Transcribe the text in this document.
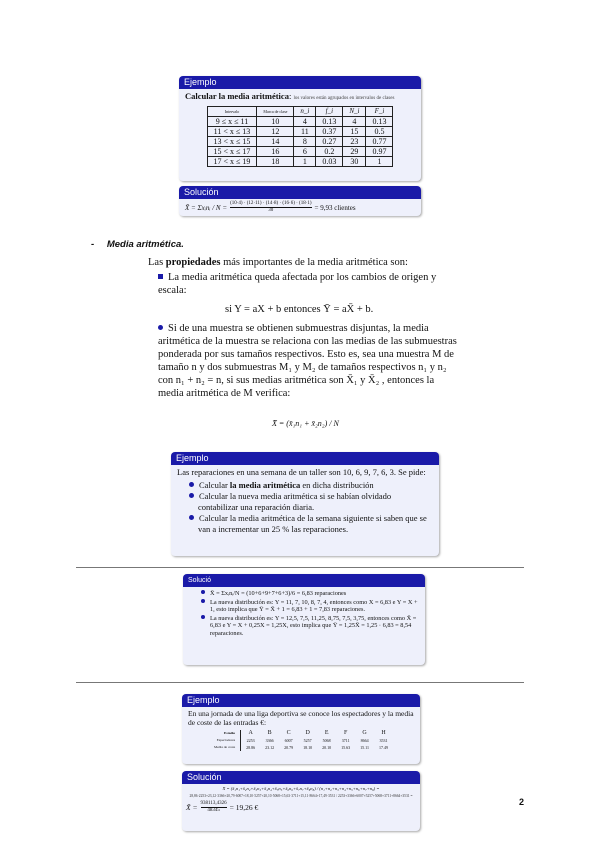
Ejemplo
Calcular la media aritmética: los valores están agrupados en intervalos de clases
Intervalo	Marca de clase	n_i	f_i	N_i	F_i
9 ≤ x ≤ 11	10	4	0.13	4	0.13
11 < x ≤ 13	12	11	0.37	15	0.5
13 < x ≤ 15	14	8	0.27	23	0.77
15 < x ≤ 17	16	6	0.2	29	0.97
17 < x ≤ 19	18	1	0.03	30	1
Solución
X̄ = Σxᵢnᵢ / $N = \frac{(10\cdot 4) \cdot (12\cdot 11) \cdot (14\cdot 8) \cdot (16\cdot 6) \cdot (18\cdot 1)}{30} = 9,93$ clientes
- Media aritmética.
Las propiedades más importantes de la media aritmética son:
La media aritmética queda afectada por los cambios de origen y escala:
si Y = aX + b entonces Ȳ = aX̄ + b.
Si de una muestra se obtienen submuestras disjuntas, la media aritmética de la muestra se relaciona con las medias de las submuestras ponderada por sus tamaños respectivos. Esto es, sea una muestra M de tamaño n y dos submuestras M₁ y M₂ de tamaños respectivos n₁ y n₂ con n₁ + n₂ = n, si sus medias aritmética son X̄₁ y X̄₂ , entonces la media aritmética de M verifica:
X̄ = (x̄₁n₁ + x̄₂n₂) / N
Ejemplo
Las reparaciones en una semana de un taller son 10, 6, 9, 7, 6, 3. Se pide:
Calcular la media aritmética en dicha distribución
Calcular la nueva media aritmética si se habían olvidado contabilizar una reparación diaria.
Calcular la media aritmética de la semana siguiente si saben que se van a incrementar un 25 % las reparaciones.
Solució
X̄ = Σxᵢnᵢ/N = (10+6+9+7+6+3)/6 = 6,83 reparaciones
La nueva distribución es: Y = 11, 7, 10, 8, 7, 4, entonces como X = 6,83 e Y = X + 1, esto implica que Ȳ = X̄ + 1 = 6,83 + 1 = 7,83 reparaciones.
La nueva distribución es: Y = 12,5, 7,5, 11,25, 8,75, 7,5, 3,75, entonces como X̄ = 6,83 e Y = X + 0,25X = 1,25X, esto implica que Ȳ = 1,25X̄ = 1,25 · 6,83 = 8,54 reparaciones.
Ejemplo
En una jornada de una liga deportiva se conoce los espectadores y la media de coste de las entradas €:
Estadio	A	B	C	D	E	F	G	H
Espectadores	2253	3366	6007	5257	5068	3711	8664	3531
Media de coste	28.86	23.12	20.79	18.10	20.10	15.63	15.11	17.49
Solución
X̄ = (x̄₁n₁+x̄₂n₂+x̄₃n₃+x̄₄n₄+x̄₅n₅+x̄₆n₆+x̄₇n₇+x̄₈n₈) / (n₁+n₂+n₃+n₄+n₅+n₆+n₇+n₈) =
28,86·2253+23,12·3366+20,79·6007+18,10·5257+20,10·5068+15,63·3711+15,11·8664+17,49·3531 / 2253+3366+6007+5257+5068+3711+8664+3531 =
X̄ = $\frac{938113,4326}{48345} = 19,26$ €
2
